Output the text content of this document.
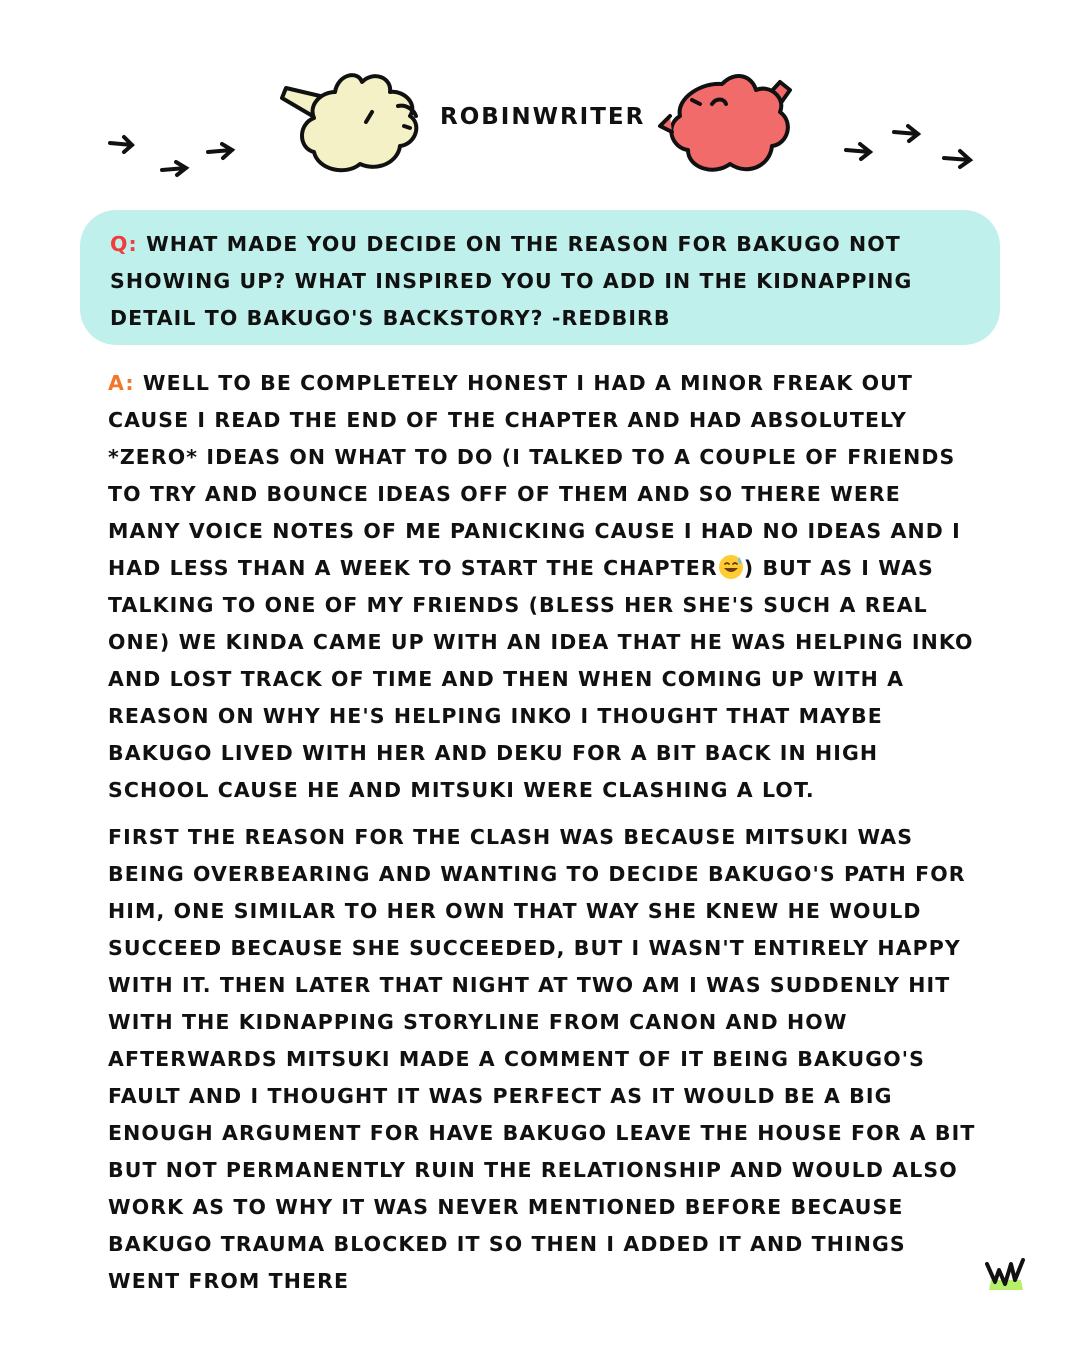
ROBINWRITER

Q: WHAT MADE YOU DECIDE ON THE REASON FOR BAKUGO NOT SHOWING UP? WHAT INSPIRED YOU TO ADD IN THE KIDNAPPING DETAIL TO BAKUGO'S BACKSTORY? -REDBIRB

A: WELL TO BE COMPLETELY HONEST I HAD A MINOR FREAK OUT CAUSE I READ THE END OF THE CHAPTER AND HAD ABSOLUTELY *ZERO* IDEAS ON WHAT TO DO (I TALKED TO A COUPLE OF FRIENDS TO TRY AND BOUNCE IDEAS OFF OF THEM AND SO THERE WERE MANY VOICE NOTES OF ME PANICKING CAUSE I HAD NO IDEAS AND I HAD LESS THAN A WEEK TO START THE CHAPTER ) BUT AS I WAS TALKING TO ONE OF MY FRIENDS (BLESS HER SHE'S SUCH A REAL ONE) WE KINDA CAME UP WITH AN IDEA THAT HE WAS HELPING INKO AND LOST TRACK OF TIME AND THEN WHEN COMING UP WITH A REASON ON WHY HE'S HELPING INKO I THOUGHT THAT MAYBE BAKUGO LIVED WITH HER AND DEKU FOR A BIT BACK IN HIGH SCHOOL CAUSE HE AND MITSUKI WERE CLASHING A LOT.

FIRST THE REASON FOR THE CLASH WAS BECAUSE MITSUKI WAS BEING OVERBEARING AND WANTING TO DECIDE BAKUGO'S PATH FOR HIM, ONE SIMILAR TO HER OWN THAT WAY SHE KNEW HE WOULD SUCCEED BECAUSE SHE SUCCEEDED, BUT I WASN'T ENTIRELY HAPPY WITH IT. THEN LATER THAT NIGHT AT TWO AM I WAS SUDDENLY HIT WITH THE KIDNAPPING STORYLINE FROM CANON AND HOW AFTERWARDS MITSUKI MADE A COMMENT OF IT BEING BAKUGO'S FAULT AND I THOUGHT IT WAS PERFECT AS IT WOULD BE A BIG ENOUGH ARGUMENT FOR HAVE BAKUGO LEAVE THE HOUSE FOR A BIT BUT NOT PERMANENTLY RUIN THE RELATIONSHIP AND WOULD ALSO WORK AS TO WHY IT WAS NEVER MENTIONED BEFORE BECAUSE BAKUGO TRAUMA BLOCKED IT SO THEN I ADDED IT AND THINGS WENT FROM THERE
